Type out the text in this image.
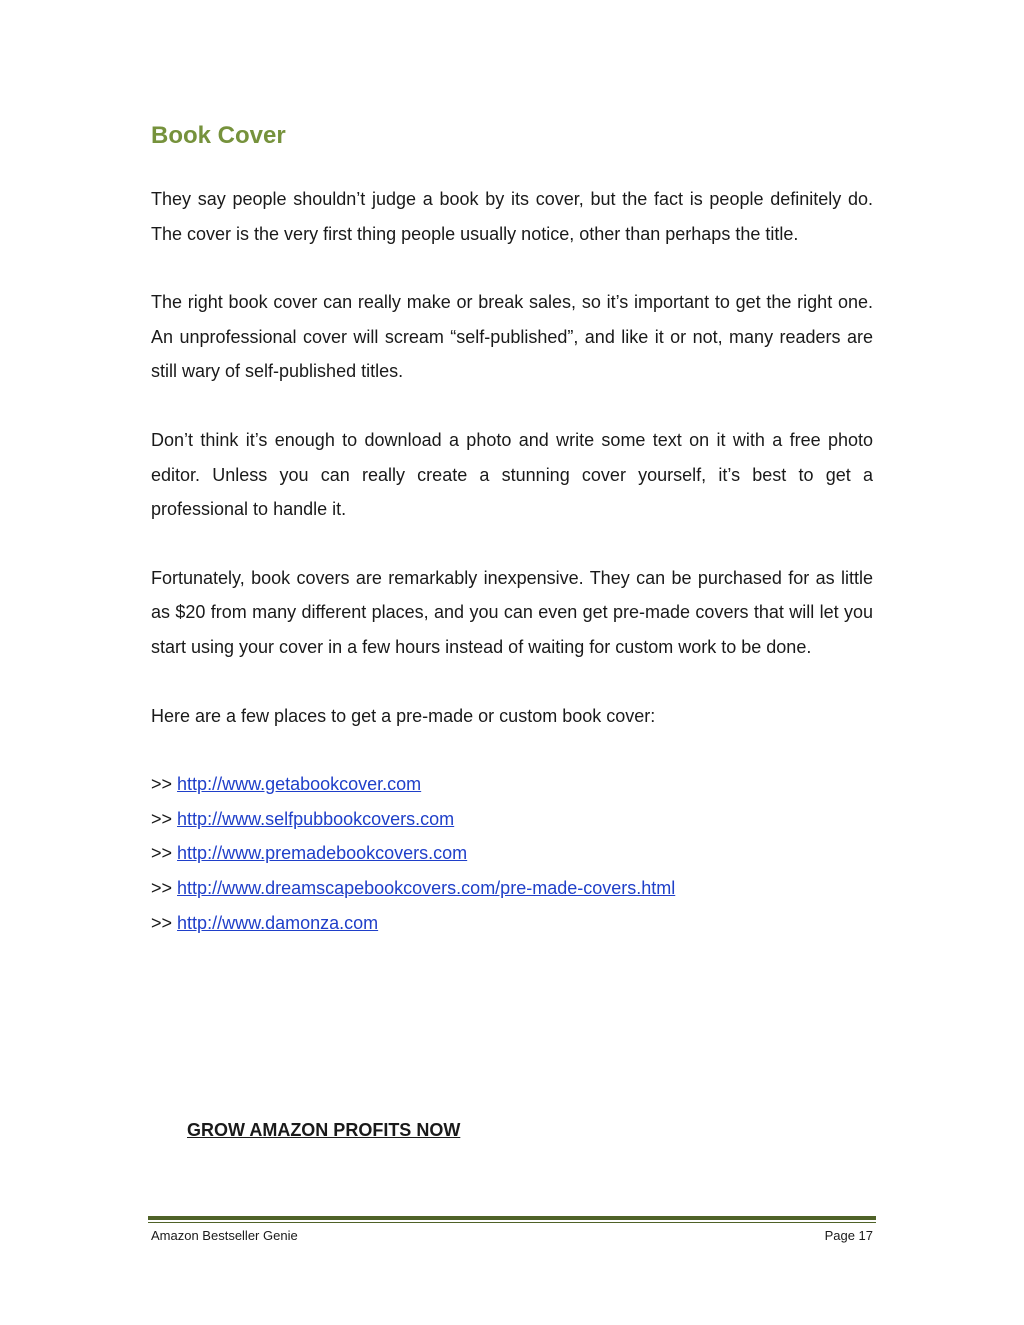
Book Cover

They say people shouldn’t judge a book by its cover, but the fact is people definitely do. The cover is the very first thing people usually notice, other than perhaps the title.

The right book cover can really make or break sales, so it’s important to get the right one. An unprofessional cover will scream “self-published”, and like it or not, many readers are still wary of self-published titles.

Don’t think it’s enough to download a photo and write some text on it with a free photo editor. Unless you can really create a stunning cover yourself, it’s best to get a professional to handle it.

Fortunately, book covers are remarkably inexpensive. They can be purchased for as little as $20 from many different places, and you can even get pre-made covers that will let you start using your cover in a few hours instead of waiting for custom work to be done.

Here are a few places to get a pre-made or custom book cover:

>> http://www.getabookcover.com
>> http://www.selfpubbookcovers.com
>> http://www.premadebookcovers.com
>> http://www.dreamscapebookcovers.com/pre-made-covers.html
>> http://www.damonza.com
GROW AMAZON PROFITS NOW
Amazon Bestseller Genie	Page 17
